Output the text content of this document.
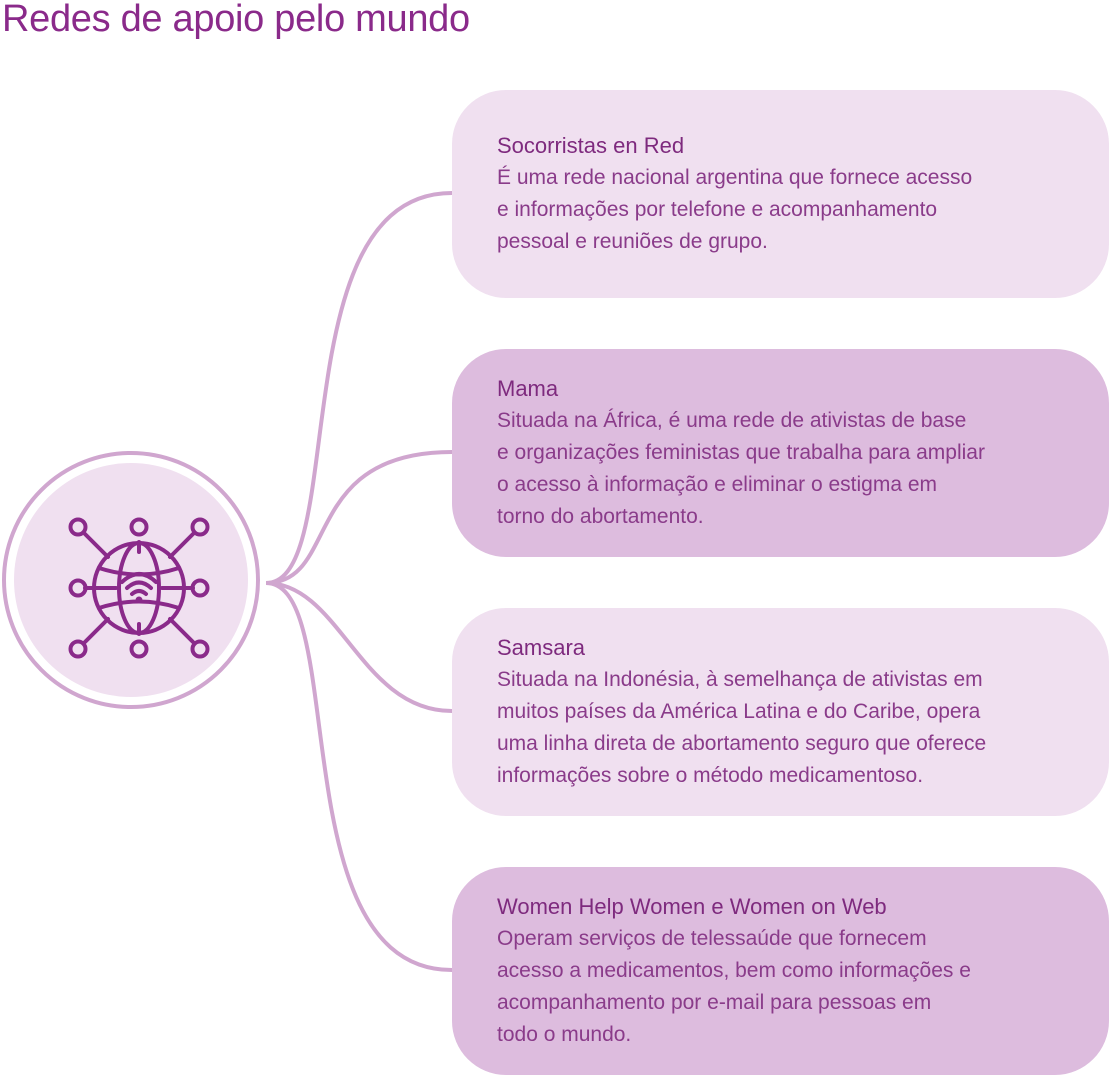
Redes de apoio pelo mundo
Socorristas en Red

É uma rede nacional argentina que fornece acesso
e informações por telefone e acompanhamento
pessoal e reuniões de grupo.

Mama

Situada na África, é uma rede de ativistas de base
e organizações feministas que trabalha para ampliar
o acesso à informação e eliminar o estigma em
torno do abortamento.

Samsara

Situada na Indonésia, à semelhança de ativistas em
muitos países da América Latina e do Caribe, opera
uma linha direta de abortamento seguro que oferece
informações sobre o método medicamentoso.

Women Help Women e Women on Web

Operam serviços de telessaúde que fornecem
acesso a medicamentos, bem como informações e
acompanhamento por e-mail para pessoas em
todo o mundo.
